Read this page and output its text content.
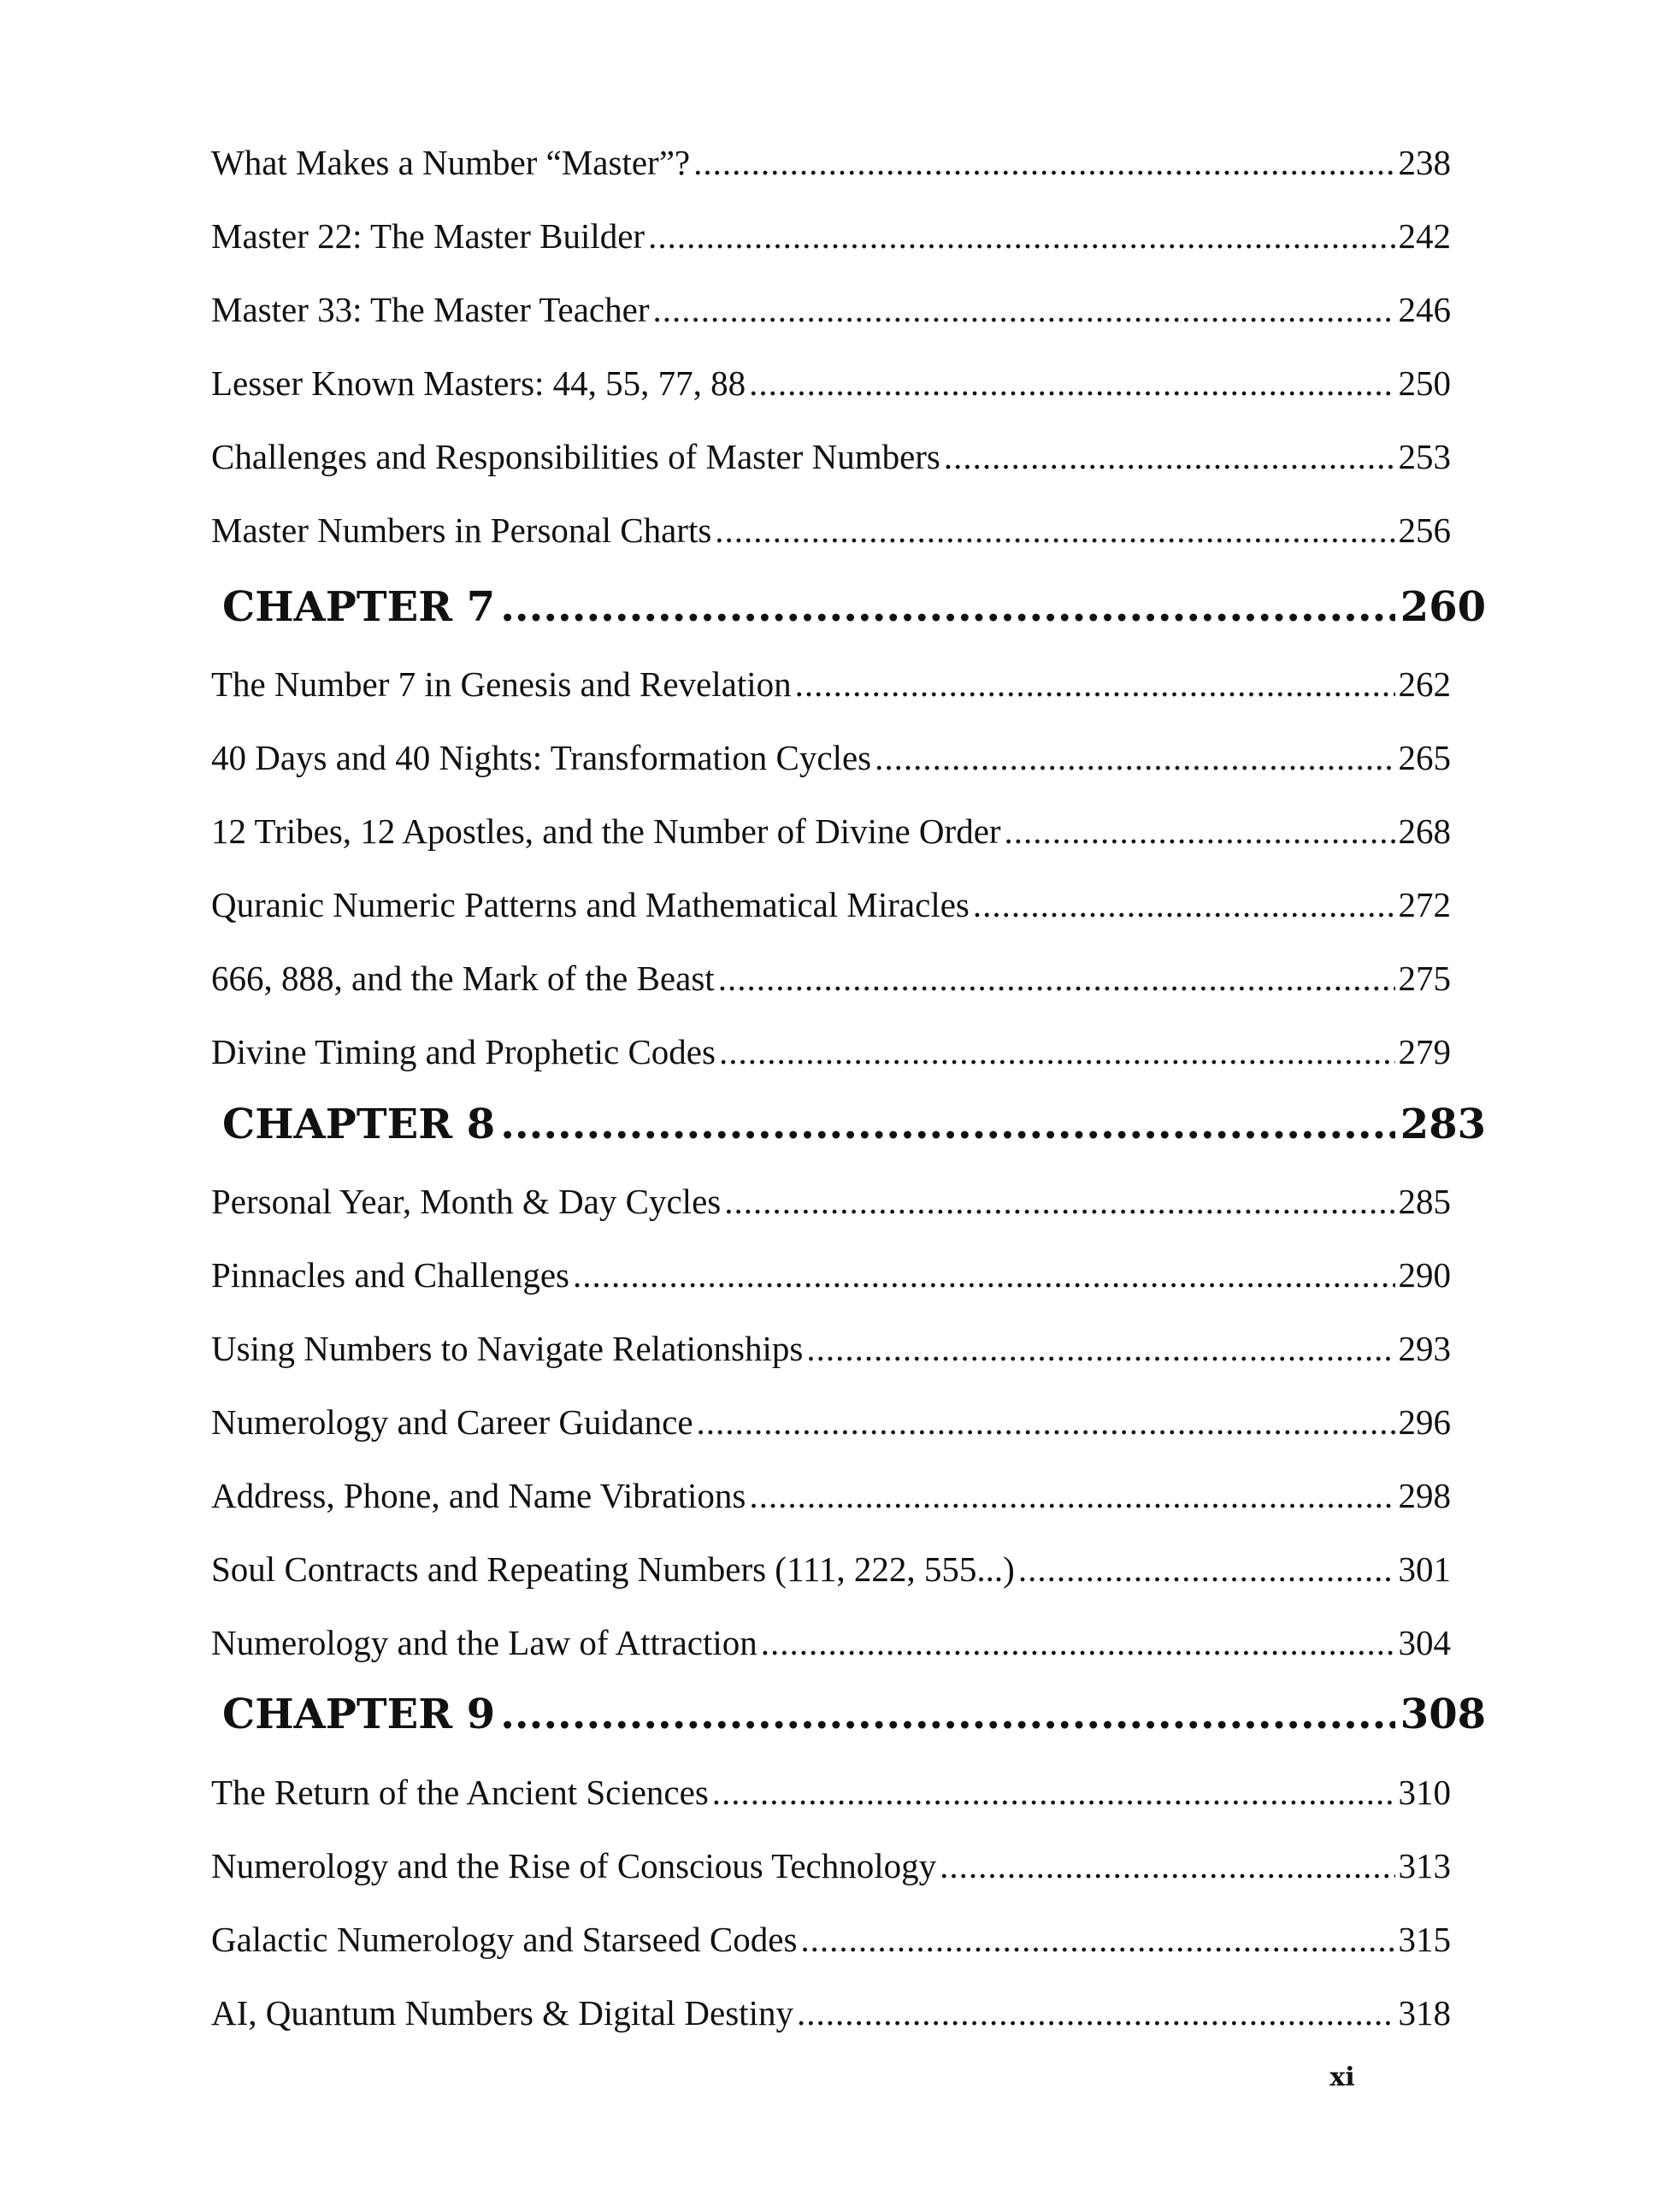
What Makes a Number “Master”? .....	238
Master 22: The Master Builder .....	242
Master 33: The Master Teacher .....	246
Lesser Known Masters: 44, 55, 77, 88 .....	250
Challenges and Responsibilities of Master Numbers .....	253
Master Numbers in Personal Charts .....	256
CHAPTER 7 .....	260
The Number 7 in Genesis and Revelation .....	262
40 Days and 40 Nights: Transformation Cycles .....	265
12 Tribes, 12 Apostles, and the Number of Divine Order .....	268
Quranic Numeric Patterns and Mathematical Miracles .....	272
666, 888, and the Mark of the Beast .....	275
Divine Timing and Prophetic Codes .....	279
CHAPTER 8 .....	283
Personal Year, Month & Day Cycles .....	285
Pinnacles and Challenges .....	290
Using Numbers to Navigate Relationships .....	293
Numerology and Career Guidance .....	296
Address, Phone, and Name Vibrations .....	298
Soul Contracts and Repeating Numbers (111, 222, 555...) .....	301
Numerology and the Law of Attraction .....	304
CHAPTER 9 .....	308
The Return of the Ancient Sciences .....	310
Numerology and the Rise of Conscious Technology .....	313
Galactic Numerology and Starseed Codes .....	315
AI, Quantum Numbers & Digital Destiny .....	318
xi
